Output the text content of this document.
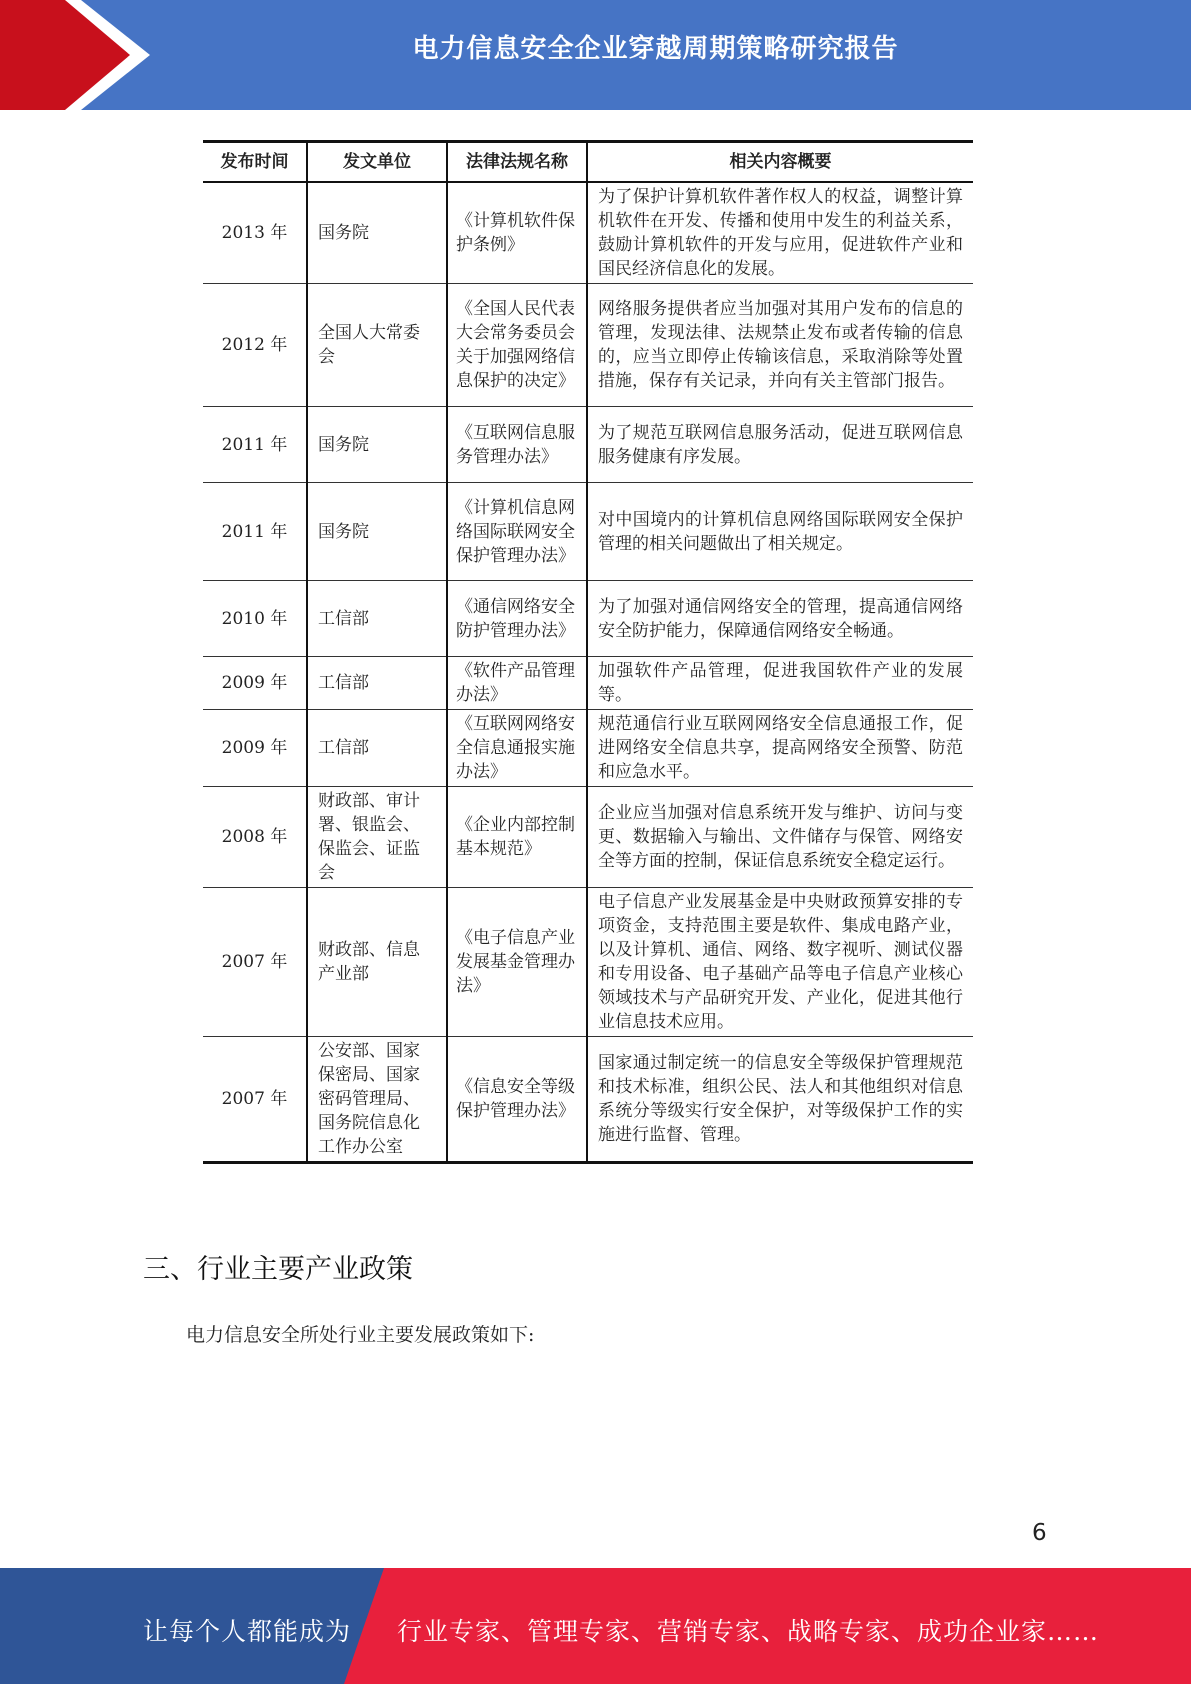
电力信息安全企业穿越周期策略研究报告
发布时间	发文单位	法律法规名称	相关内容概要
2013 年	国务院	《计算机软件保护条例》	为了保护计算机软件著作权人的权益，调整计算机软件在开发、传播和使用中发生的利益关系，鼓励计算机软件的开发与应用，促进软件产业和国民经济信息化的发展。
2012 年	全国人大常委会	《全国人民代表大会常务委员会关于加强网络信息保护的决定》	网络服务提供者应当加强对其用户发布的信息的管理，发现法律、法规禁止发布或者传输的信息的，应当立即停止传输该信息，采取消除等处置措施，保存有关记录，并向有关主管部门报告。
2011 年	国务院	《互联网信息服务管理办法》	为了规范互联网信息服务活动，促进互联网信息服务健康有序发展。
2011 年	国务院	《计算机信息网络国际联网安全保护管理办法》	对中国境内的计算机信息网络国际联网安全保护管理的相关问题做出了相关规定。
2010 年	工信部	《通信网络安全防护管理办法》	为了加强对通信网络安全的管理，提高通信网络安全防护能力，保障通信网络安全畅通。
2009 年	工信部	《软件产品管理办法》	加强软件产品管理，促进我国软件产业的发展等。
2009 年	工信部	《互联网网络安全信息通报实施办法》	规范通信行业互联网网络安全信息通报工作，促进网络安全信息共享，提高网络安全预警、防范和应急水平。
2008 年	财政部、审计署、银监会、保监会、证监会	《企业内部控制基本规范》	企业应当加强对信息系统开发与维护、访问与变更、数据输入与输出、文件储存与保管、网络安全等方面的控制，保证信息系统安全稳定运行。
2007 年	财政部、信息产业部	《电子信息产业发展基金管理办法》	电子信息产业发展基金是中央财政预算安排的专项资金，支持范围主要是软件、集成电路产业，以及计算机、通信、网络、数字视听、测试仪器和专用设备、电子基础产品等电子信息产业核心领域技术与产品研究开发、产业化，促进其他行业信息技术应用。
2007 年	公安部、国家保密局、国家密码管理局、国务院信息化工作办公室	《信息安全等级保护管理办法》	国家通过制定统一的信息安全等级保护管理规范和技术标准，组织公民、法人和其他组织对信息系统分等级实行安全保护，对等级保护工作的实施进行监督、管理。
三、行业主要产业政策
电力信息安全所处行业主要发展政策如下:
6
让每个人都能成为 行业专家、管理专家、营销专家、战略专家、成功企业家……
